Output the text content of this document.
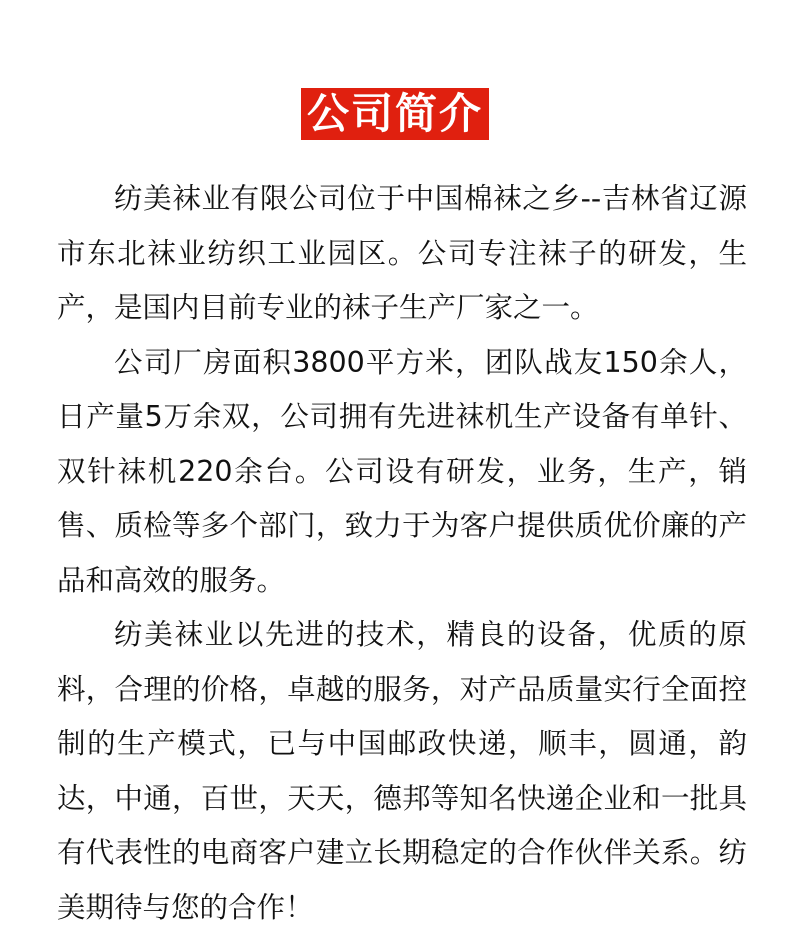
公司简介

纺美袜业有限公司位于中国棉袜之乡--吉林省辽源市东北袜业纺织工业园区。公司专注袜子的研发，生产，是国内目前专业的袜子生产厂家之一。

公司厂房面积3800平方米，团队战友150余人，日产量5万余双，公司拥有先进袜机生产设备有单针、双针袜机220余台。公司设有研发，业务，生产，销售、质检等多个部门，致力于为客户提供质优价廉的产品和高效的服务。

纺美袜业以先进的技术，精良的设备，优质的原料，合理的价格，卓越的服务，对产品质量实行全面控制的生产模式，已与中国邮政快递，顺丰，圆通，韵达，中通，百世，天天，德邦等知名快递企业和一批具有代表性的电商客户建立长期稳定的合作伙伴关系。纺美期待与您的合作！
